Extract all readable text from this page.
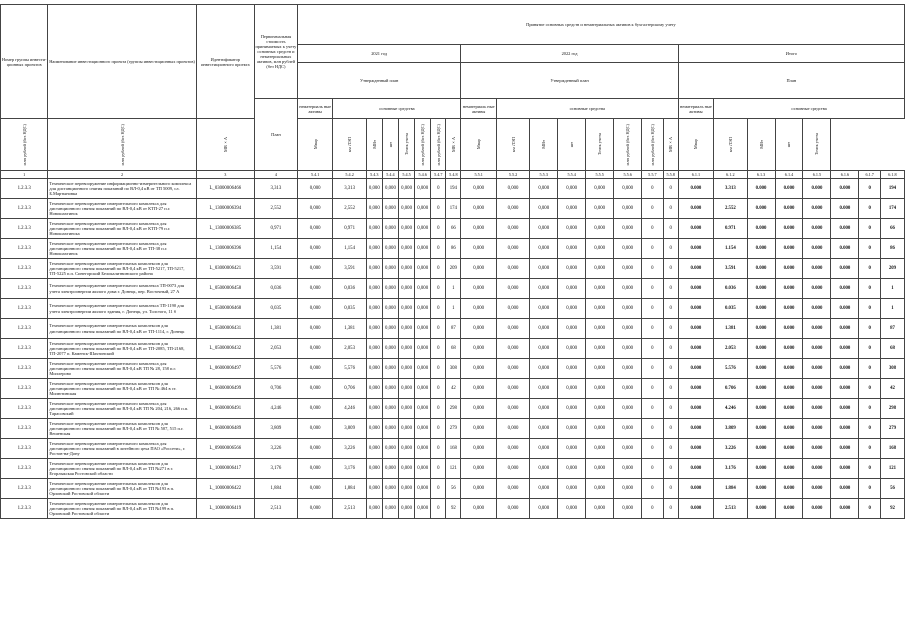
Номер группы инвести- ционных проектов	Наименование инвестиционного проекта (группы инвестиционных проектов)	Идентификатор инвестиционного проекта	Первоначальная стоимость принимаемых к учету основных средств и нематериальных активов, млн рублей (без НДС)	Принятие основных средств и нематериальных активов к бухгалтерскому учету																							
				2021 год								2022 год								Итого							
				Утвержденный план								Утвержденный план								План							
			План	нематериаль ные активы	основные средства							нематериаль ные активы	основные средства							нематериаль ные активы	основные средства						

млн рублей (без НДС)	млн рублей (без НДС)	МВ×А		Мвар	км ЛЭП	МВт	шт	Точек учета	млн рублей (без НДС)	млн рублей (без НДС)	МВ×А	Мвар	км ЛЭП	МВт	шт	Точек учета	млн рублей (без НДС)	млн рублей (без НДС)	МВ×А	Мвар	км ЛЭП	МВт	шт	Точек учета			

1	2	3	4	5.4.1	5.4.2	5.4.3	5.4.4	5.4.5	5.4.6	5.4.7	5.4.8	5.5.1	5.5.2	5.5.3	5.5.4	5.5.5	5.5.6	5.5.7	5.5.8	6.1.1	6.1.2	6.1.3	6.1.4	6.1.5	6.1.6	6.1.7	6.1.8
1.2.3.3	Техническое перевооружение информационно-измерительного комплекса для дистанционного снятия показаний по ВЛ-0,4 кВ от ТП 5009, сл. Б.Мартыновка	L_03000006466	3,313	0,000	3,313	0,000	0,000	0,000	0,000	0	194	0,000	0,000	0,000	0,000	0,000	0,000	0	0	0.000	3.313	0.000	0.000	0.000	0.000	0	194
1.2.3.3	Техническое перевооружение измерительного комплекса для дистанционного снятия показаний по ВЛ-0,4 кВ от КТП-27 п.г. Новошахтинск	L_13000006394	2,552	0,000	2,552	0,000	0,000	0,000	0,000	0	174	0,000	0,000	0,000	0,000	0,000	0,000	0	0	0.000	2.552	0.000	0.000	0.000	0.000	0	174
1.2.3.3	Техническое перевооружение измерительного комплекса для дистанционного снятия показаний по ВЛ-0,4 кВ от КТП-79 п.г. Новошахтинска	L_13000006385	0,971	0,000	0,971	0,000	0,000	0,000	0,000	0	66	0,000	0,000	0,000	0,000	0,000	0,000	0	0	0.000	0.971	0.000	0.000	0.000	0.000	0	66
1.2.3.3	Техническое перевооружение измерительного комплекса для дистанционного снятия показаний по ВЛ-0,4 кВ от ТП-38 п.г. Новошахтинск	L_13000006396	1,154	0,000	1,154	0,000	0,000	0,000	0,000	0	86	0,000	0,000	0,000	0,000	0,000	0,000	0	0	0.000	1.154	0.000	0.000	0.000	0.000	0	86
1.2.3.3	Техническое перевооружение измерительных комплексов для дистанционного снятия показаний по ВЛ-0,4 кВ от ТП-5217, ТП-5217, ТП-5225 п.п. Синегорский Белокалитвинского района	L_03000006421	3,591	0,000	3,591	0,000	0,000	0,000	0,000	0	209	0,000	0,000	0,000	0,000	0,000	0,000	0	0	0.000	3.591	0.000	0.000	0.000	0.000	0	209
1.2.3.3	Техническое перевооружение измерительного комплекса ТП-0073 для учета электроэнергии жилого дома г. Донецк, пер. Восточный, 27 А	L_05000006458	0,036	0,000	0,036	0,000	0,000	0,000	0,000	0	1	0,000	0,000	0,000	0,000	0,000	0,000	0	0	0.000	0.036	0.000	0.000	0.000	0.000	0	1
1.2.3.3	Техническое перевооружение измерительного комплекса ТП-1190 для учета электроэнергии жилого здания, г. Донецк, ул. Толстого, 11 б	L_05000006468	0,035	0,000	0,035	0,000	0,000	0,000	0,000	0	1	0,000	0,000	0,000	0,000	0,000	0,000	0	0	0.000	0.035	0.000	0.000	0.000	0.000	0	1
1.2.3.3	Техническое перевооружение измерительных комплексов для дистанционного снятия показаний по ВЛ-0,4 кВ от ТП-1114, г. Донецк	L_05000006431	1,381	0,000	1,381	0,000	0,000	0,000	0,000	0	87	0,000	0,000	0,000	0,000	0,000	0,000	0	0	0.000	1.381	0.000	0.000	0.000	0.000	0	87
1.2.3.3	Техническое перевооружение измерительных комплексов для дистанционного снятия показаний по ВЛ-0,4 кВ от ТП-2085, ТП-2168, ТП-2077 п. Каменск-Шахтинский	L_05000006432	2,053	0,000	2,053	0,000	0,000	0,000	0,000	0	68	0,000	0,000	0,000	0,000	0,000	0,000	0	0	0.000	2.053	0.000	0.000	0.000	0.000	0	68
1.2.3.3	Техническое перевооружение измерительного комплекса для дистанционного снятия показаний по ВЛ-0,4 кВ ТП № 28, 158 п.г. Миллерово	L_06000006497	5,576	0,000	5,576	0,000	0,000	0,000	0,000	0	308	0,000	0,000	0,000	0,000	0,000	0,000	0	0	0.000	5.576	0.000	0.000	0.000	0.000	0	308
1.2.3.3	Техническое перевооружение измерительных комплексов для дистанционного снятия показаний по ВЛ-0,4 кВ от ТП № 464 в ст. Милютинская	L_06000006499	0,706	0,000	0,706	0,000	0,000	0,000	0,000	0	42	0,000	0,000	0,000	0,000	0,000	0,000	0	0	0.000	0.706	0.000	0.000	0.000	0.000	0	42
1.2.3.3	Техническое перевооружение измерительного комплекса для дистанционного снятия показаний по ВЛ-0,4 кВ ТП № 204, 216, 266 п.п. Тарасовский	L_06000006491	4,246	0,000	4,246	0,000	0,000	0,000	0,000	0	298	0,000	0,000	0,000	0,000	0,000	0,000	0	0	0.000	4.246	0.000	0.000	0.000	0.000	0	298
1.2.3.3	Техническое перевооружение измерительных комплексов для дистанционного снятия показаний по ВЛ-0,4 кВ от ТП № 507, 515 п.г. Вешенская	L_06000006489	3,809	0,000	3,809	0,000	0,000	0,000	0,000	0	279	0,000	0,000	0,000	0,000	0,000	0,000	0	0	0.000	3.809	0.000	0.000	0.000	0.000	0	279
1.2.3.3	Техническое перевооружение измерительного комплекса для дистанционного снятия показаний в литейного цеха ПАО «Россети», г. Ростов-на-Дону	L_09000006566	3,226	0,000	3,226	0,000	0,000	0,000	0,000	0	168	0,000	0,000	0,000	0,000	0,000	0,000	0	0	0.000	3.226	0.000	0.000	0.000	0.000	0	168
1.2.3.3	Техническое перевооружение измерительных комплексов для дистанционного снятия показаний по ВЛ-0,4 кВ от ТП №271 в г. Егорлыкская Ростовской области	L_10000006417	3,176	0,000	3,176	0,000	0,000	0,000	0,000	0	121	0,000	0,000	0,000	0,000	0,000	0,000	0	0	0.000	3.176	0.000	0.000	0.000	0.000	0	121
1.2.3.3	Техническое перевооружение измерительных комплексов для дистанционного снятия показаний по ВЛ-0,4 кВ от ТП №193 в п. Орловский Ростовской области	L_10000006422	1,884	0,000	1,884	0,000	0,000	0,000	0,000	0	56	0,000	0,000	0,000	0,000	0,000	0,000	0	0	0.000	1.884	0.000	0.000	0.000	0.000	0	56
1.2.3.3	Техническое перевооружение измерительных комплексов для дистанционного снятия показаний по ВЛ-0,4 кВ от ТП №199 в п. Орловский Ростовской области	L_10000006419	2,513	0,000	2,513	0,000	0,000	0,000	0,000	0	92	0,000	0,000	0,000	0,000	0,000	0,000	0	0	0.000	2.513	0.000	0.000	0.000	0.000	0	92
